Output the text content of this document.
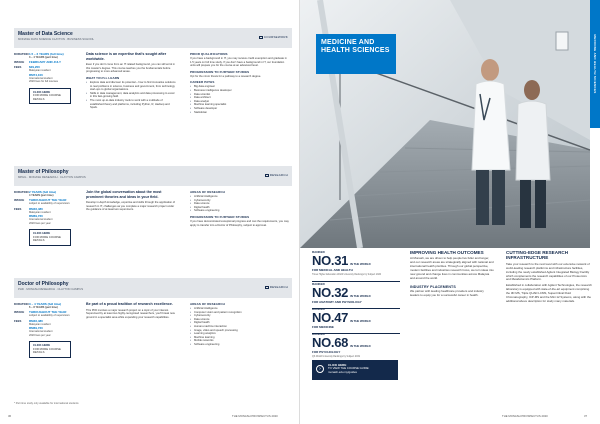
Master of Data Science
MONASH DATA SCIENCE CLAYTON · BUSINESS SCHOOL	COURSEWORK
DURATION 1.5 – 2 YEARS (full time)
3 – 4 YEARS (part time)
INTAKE	FEBRUARY AND JULY
FEES	$29,200
Malaysian resident
RM74,100
International student
2020 fees for full courses
CLICK HERE
FOR MORE COURSE DETAILS
Data science is an expertise that's sought after worldwide.
Even if you don't come from an IT related background, you can still enrol in this master's degree. This course teaches you the fundamentals before progressing to more advanced areas.
WHAT YOU'LL LEARN
• Explore data and discover its potential – how to find innovative solutions to real problems in science, business and government, from technology start-ups to global organisations.
• Skills in data management, data analytics and data processing to excel in this fast-growing field.
• The most up-to-date industry tools to work with a multitude of established theory and platforms, including Python, R, Hadoop and Spark.
PRIOR QUALIFICATIONS
If you have a background in IT, you may receive credit exemption and graduate in 1.5 years on full time study. If you don't have a background in IT, our foundation units will prepare you for the course at an advanced level.
PROGRESSION TO FURTHER STUDIES
Opt for the minor thesis for a pathway to a research degree.
CAREER PATHS
• Big data engineer
• Business intelligence developer
• Data scientist
• Data architect
• Data analyst
• Machine learning specialist
• Software developer
• Statistician
Master of Philosophy
MPHIL · MONASH RESEARCH · CLAYTON CAMPUS	RESEARCH
DURATION 2 YEARS (full time)
4 YEARS (part time)
INTAKE	THROUGHOUT THE YEAR
subject to availability of supervisors
FEES	RM46,480
Malaysian resident
RM69,720
International student
2020 fees per year
CLICK HERE
FOR MORE COURSE DETAILS
Join the global conversation about the most prominent theories and ideas in your field.
Develop in-depth knowledge, expertise and skills through the application of research in IT, challenges as you complete a major research project under the guidance of at least two supervisors.
AREAS OF RESEARCH
• Artificial intelligence
• Cybersecurity
• Data science
• Digital health
• Software engineering
PROGRESSION TO FURTHER STUDIES
If you have demonstrated exceptional progress and met the requirements, you may apply to transfer into a Doctor of Philosophy, subject to approval.
Doctor of Philosophy
PHD · MONASH RESEARCH · CLAYTON CAMPUS	RESEARCH
DURATION 3 – 4 YEARS (full time)
6 – 8 YEARS (part time)
INTAKE	THROUGHOUT THE YEAR
subject to availability of supervisors
FEES	RM46,480
Malaysian resident
RM69,720
International student
2020 fees per year
CLICK HERE
FOR MORE COURSE DETAILS
Be part of a proud tradition of research excellence.
This PhD involves a major research project on a topic of your interest. Supervised by at least two highly-recognised researchers, you'll break new ground in a specialist area while expanding your research capabilities.
AREAS OF RESEARCH
• Artificial intelligence
• Computer vision and pattern recognition
• Cybersecurity
• Data science
• Digital health
• Human-machine interaction
• Image, video and speech processing
• Learning analytics
• Machine learning
• Mobile networks
• Software engineering
* Part time study only available for international students
36	THE MONASH PROSPECTUS 2020
MEDICINE AND
HEALTH SCIENCES	MEDICINE AND HEALTH SCIENCES
RANKED
NO.31 IN THE WORLD
FOR MEDICAL AND HEALTH
Times Higher Education World University Rankings by Subject 2020
RANKED
NO.32 IN THE WORLD
FOR ANATOMY AND PHYSIOLOGY
RANKED
NO.47 IN THE WORLD
FOR MEDICINE
RANKED
NO.68 IN THE WORLD
FOR PSYCHOLOGY
QS World University Rankings by Subject 2019
›
CLICK HERE
TO VIEW THE COURSE GUIDE:
monash.edu.my/guides
IMPROVING HEALTH OUTCOMES
At Monash, we are driven to help people live fuller and longer, and our research areas are strategically aligned with national and international health priorities. Through our global perspective, modern facilities and industries research focus, we turn ideas into new ground and change lives in communities across Malaysia and around the world.
INDUSTRY PLACEMENTS
We partner with leading healthcare providers and industry leaders to equip you for a successful career in health.
CUTTING-EDGE RESEARCH INFRASTRUCTURE
Take your research to the next level with our extensive network of world-leading research platforms and infrastructure facilities, including the newly established Agilent Integrated Biology Facility which complements the research capabilities of our Proteomics and Metabolomics Platform.
Established in collaboration with Agilent Technologies, the research laboratory is equipped with state-of-the-art equipment comprising the 3D MS, Triple QUAD LCMS, Supercritical Fluid Chromatography, ICP-MS and the Mini 12 Systems, along with the additional above description for study many materials.
THE MONASH PROSPECTUS 2020	37
